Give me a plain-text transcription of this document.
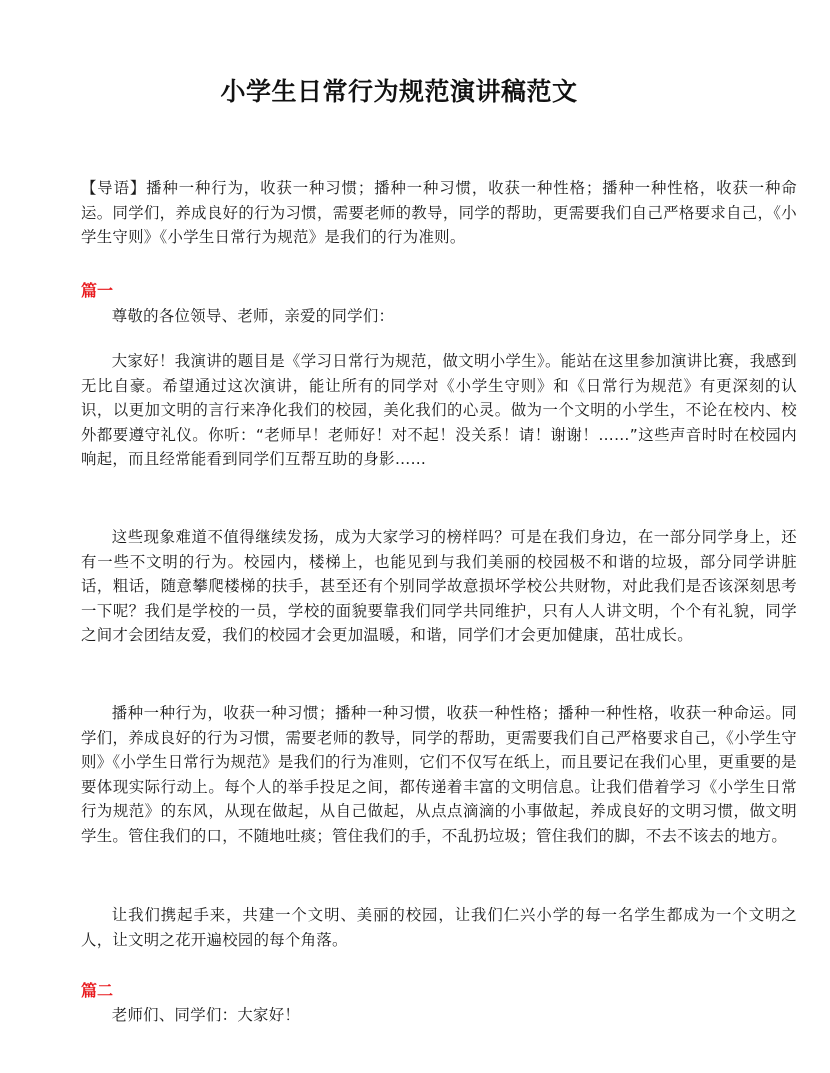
小学生日常行为规范演讲稿范文

【导语】播种一种行为，收获一种习惯；播种一种习惯，收获一种性格；播种一种性格，收获一种命运。同学们，养成良好的行为习惯，需要老师的教导，同学的帮助，更需要我们自己严格要求自己，《小学生守则》《小学生日常行为规范》是我们的行为准则。

篇一

尊敬的各位领导、老师，亲爱的同学们：

大家好！我演讲的题目是《学习日常行为规范，做文明小学生》。能站在这里参加演讲比赛，我感到无比自豪。希望通过这次演讲，能让所有的同学对《小学生守则》和《日常行为规范》有更深刻的认识，以更加文明的言行来净化我们的校园，美化我们的心灵。做为一个文明的小学生，不论在校内、校外都要遵守礼仪。你听：“老师早！老师好！对不起！没关系！请！谢谢！……”这些声音时时在校园内响起，而且经常能看到同学们互帮互助的身影……

这些现象难道不值得继续发扬，成为大家学习的榜样吗？可是在我们身边，在一部分同学身上，还有一些不文明的行为。校园内，楼梯上，也能见到与我们美丽的校园极不和谐的垃圾，部分同学讲脏话，粗话，随意攀爬楼梯的扶手，甚至还有个别同学故意损坏学校公共财物，对此我们是否该深刻思考一下呢？我们是学校的一员，学校的面貌要靠我们同学共同维护，只有人人讲文明，个个有礼貌，同学之间才会团结友爱，我们的校园才会更加温暖，和谐，同学们才会更加健康，茁壮成长。

播种一种行为，收获一种习惯；播种一种习惯，收获一种性格；播种一种性格，收获一种命运。同学们，养成良好的行为习惯，需要老师的教导，同学的帮助，更需要我们自己严格要求自己，《小学生守则》《小学生日常行为规范》是我们的行为准则，它们不仅写在纸上，而且要记在我们心里，更重要的是要体现实际行动上。每个人的举手投足之间，都传递着丰富的文明信息。让我们借着学习《小学生日常行为规范》的东风，从现在做起，从自己做起，从点点滴滴的小事做起，养成良好的文明习惯，做文明学生。管住我们的口，不随地吐痰；管住我们的手，不乱扔垃圾；管住我们的脚，不去不该去的地方。

让我们携起手来，共建一个文明、美丽的校园，让我们仁兴小学的每一名学生都成为一个文明之人，让文明之花开遍校园的每个角落。

篇二

老师们、同学们：大家好！
